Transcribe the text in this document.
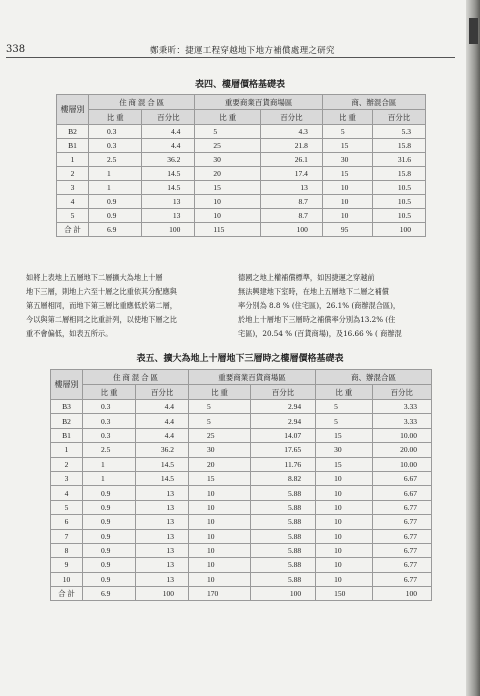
338	鄭秉昕：捷運工程穿越地下地方補償處理之研究
表四、樓層價格基礎表
樓層別	住 商 混 合 區		重要商業百貨商場區		商、辦混合區	
	比 重	百分比	比 重	百分比	比 重	百分比
B2	0.3	4.4	5	4.3	5	5.3
B1	0.3	4.4	25	21.8	15	15.8
1	2.5	36.2	30	26.1	30	31.6
2	1	14.5	20	17.4	15	15.8
3	1	14.5	15	13	10	10.5
4	0.9	13	10	8.7	10	10.5
5	0.9	13	10	8.7	10	10.5
合 計	6.9	100	115	100	95	100
如將上表地上五層地下二層擴大為地上十層
地下三層，則地上六至十層之比重依其分配應與
第五層相同，而地下第三層比重應低於第二層，
今以與第二層相同之比重計列，以使地下層之比
重不會偏低，如表五所示。
德國之地上權補償標準，如因捷運之穿越前
無法興建地下室時，在地上五層地下二層之補償
率分別為 8.8 % (住宅區)，26.1% (商辦混合區)，
於地上十層地下三層時之補償率分別為13.2% (住
宅區)，20.54 % (百貨商場)，及16.66 % ( 商辦混
表五、擴大為地上十層地下三層時之樓層價格基礎表
樓層別	住 商 混 合 區		重要商業百貨商場區		商、辦混合區	
	比 重	百分比	比 重	百分比	比 重	百分比
B3	0.3	4.4	5	2.94	5	3.33
B2	0.3	4.4	5	2.94	5	3.33
B1	0.3	4.4	25	14.07	15	10.00
1	2.5	36.2	30	17.65	30	20.00
2	1	14.5	20	11.76	15	10.00
3	1	14.5	15	8.82	10	6.67
4	0.9	13	10	5.88	10	6.67
5	0.9	13	10	5.88	10	6.77
6	0.9	13	10	5.88	10	6.77
7	0.9	13	10	5.88	10	6.77
8	0.9	13	10	5.88	10	6.77
9	0.9	13	10	5.88	10	6.77
10	0.9	13	10	5.88	10	6.77
合 計	6.9	100	170	100	150	100
